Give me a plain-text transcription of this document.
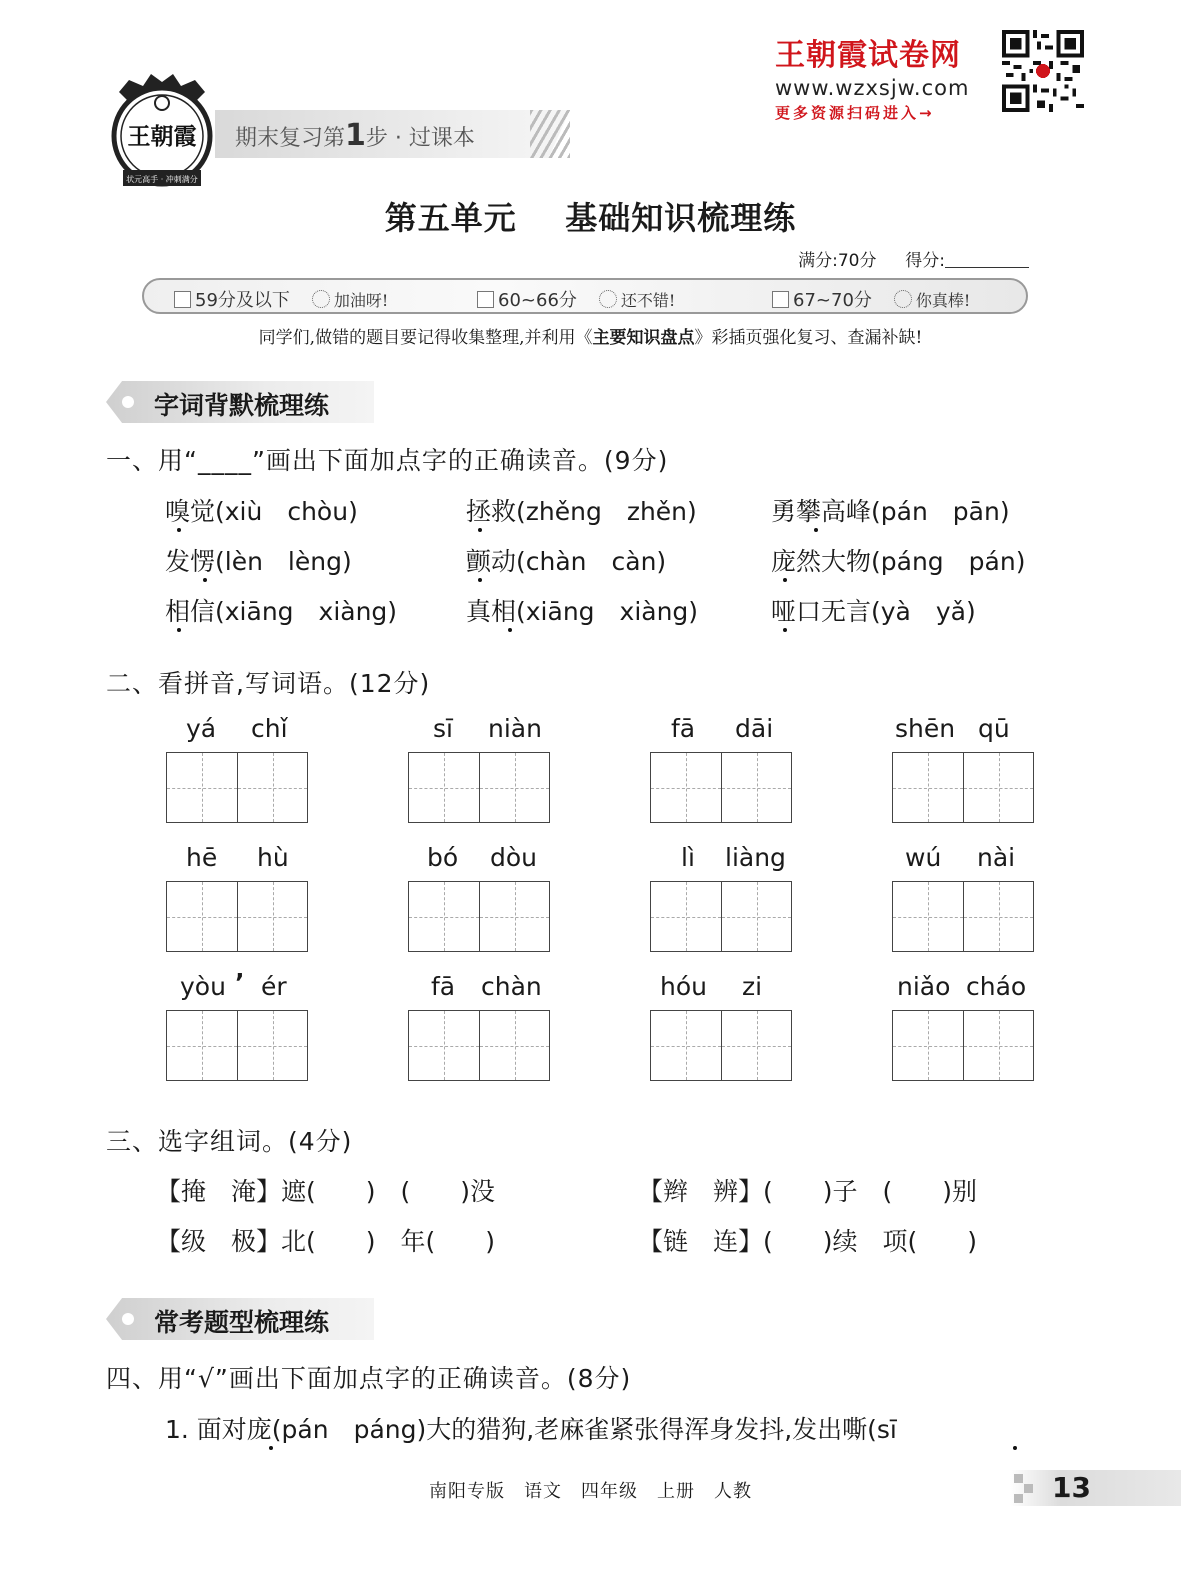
状元高手 · 冲刺满分
王朝霞 期末复习第1步 · 过课本
王朝霞试卷网
www.wzxsjw.com
更多资源扫码进入→
第五单元 基础知识梳理练
满分:70分 得分:
59分及以下	加油呀!	60~66分	还不错!	67~70分	你真棒!
同学们,做错的题目要记得收集整理,并利用《主要知识盘点》彩插页强化复习、查漏补缺!
字词背默梳理练
一、用“____”画出下面加点字的正确读音。(9分)
嗅觉(xiù　chòu)	拯救(zhěng　zhěn)	勇攀高峰(pán　pān)
发愣(lèn　lèng)	颤动(chàn　càn)	庞然大物(páng　pán)
相信(xiāng　xiàng)	真相(xiāng　xiàng)	哑口无言(yà　yǎ)
二、看拼音,写词语。(12分)
yá chǐ	sī niàn	fā dāi	shēn qū
hē hù	bó dòu	lì liàng	wú nài
yòu ’ ér	fā chàn	hóu zi	niǎo cháo
三、选字组词。(4分)
【掩　淹】遮(　　)　(　　)没	【辫　辨】(　　)子　(　　)别
【级　极】北(　　)　年(　　)	【链　连】(　　)续　项(　　)
常考题型梳理练
四、用“√”画出下面加点字的正确读音。(8分)
1. 面对庞(pán　páng)大的猎狗,老麻雀紧张得浑身发抖,发出嘶(sī
南阳专版　语文　四年级　上册　人教	13
